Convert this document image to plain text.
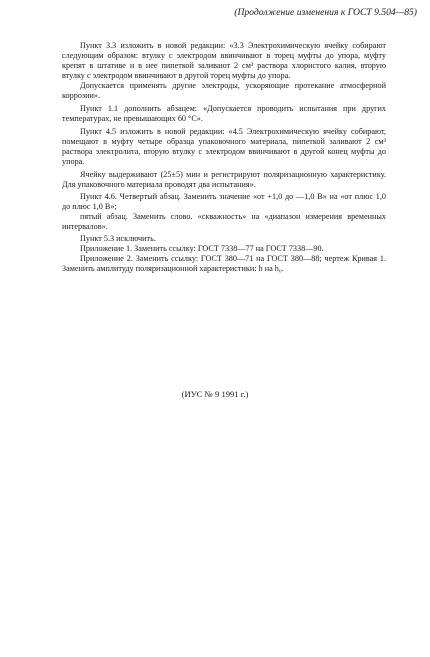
(Продолжение изменения к ГОСТ 9.504—85)

Пункт 3.3 изложить в новой редакции: «3.3 Электрохимическую ячейку собирают следующим образом: втулку с электродом ввинчивают в торец муфты до упора, муфту крепят в штативе и в нее пипеткой заливают 2 см³ раствора хлористого калия, вторую втулку с электродом ввинчивают в другой торец муфты до упора.

Допускается применять другие электроды, ускоряющие протекание атмосферной коррозии».

Пункт 1.1 дополнить абзацем: «Допускается проводить испытания при других температурах, не превышающих 60 °С».

Пункт 4.5 изложить в новой редакции: «4.5 Электрохимическую ячейку собирают, помещают в муфту четыре образца упаковочного материала, пипеткой заливают 2 см³ раствора электролита, вторую втулку с электродом ввинчивают в другой конец муфты до упора.

Ячейку выдерживают (25±5) мин и регистрируют поляризационную характеристику. Для упаковочного материала проводят два испытания».

Пункт 4.6. Четвертый абзац. Заменить значение «от +1,0 до —1,0 В» на «от плюс 1,0 до плюс 1,0 В»;

пятый абзац. Заменить слово. «скважность» на «диапазон измерения временных интервалов».

Пункт 5.3 исключить.

Приложение 1. Заменить ссылку: ГОСТ 7338—77 на ГОСТ 7338—90.

Приложение 2. Заменить ссылку: ГОСТ 380—71 на ГОСТ 380—88; чертеж Кривая 1. Заменить амплитуду поляризационной характеристики: h на h₀.

(ИУС № 9 1991 г.)
